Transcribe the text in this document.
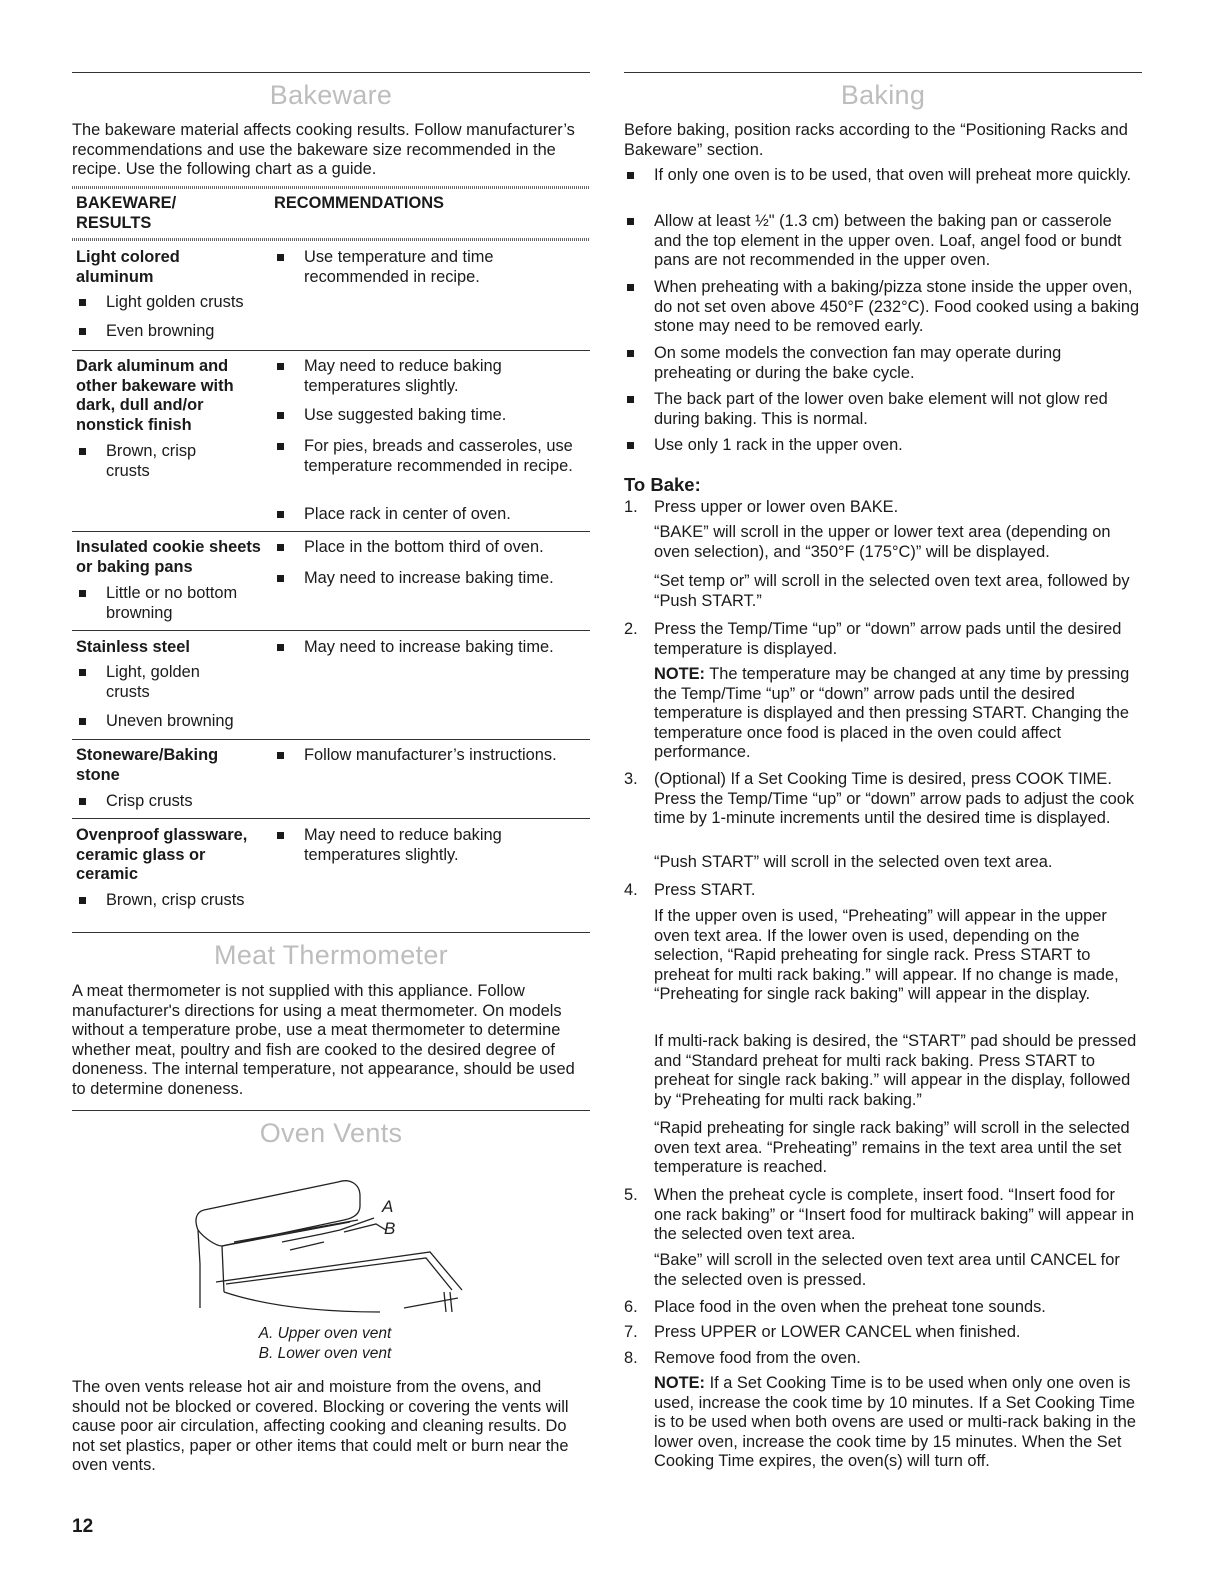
Bakeware
The bakeware material affects cooking results. Follow manufacturer’s recommendations and use the bakeware size recommended in the recipe. Use the following chart as a guide.
BAKEWARE/ RESULTS
RECOMMENDATIONS
Light colored aluminum
Light golden crusts
Even browning
Use temperature and time recommended in recipe.
Dark aluminum and other bakeware with dark, dull and/or nonstick finish
Brown, crisp crusts
May need to reduce baking temperatures slightly.
Use suggested baking time.
For pies, breads and casseroles, use temperature recommended in recipe.
Place rack in center of oven.
Insulated cookie sheets or baking pans
Little or no bottom browning
Place in the bottom third of oven.
May need to increase baking time.
Stainless steel
Light, golden crusts
Uneven browning
May need to increase baking time.
Stoneware/Baking stone
Crisp crusts
Follow manufacturer’s instructions.
Ovenproof glassware, ceramic glass or ceramic
Brown, crisp crusts
May need to reduce baking temperatures slightly.
Meat Thermometer
A meat thermometer is not supplied with this appliance. Follow manufacturer's directions for using a meat thermometer. On models without a temperature probe, use a meat thermometer to determine whether meat, poultry and fish are cooked to the desired degree of doneness. The internal temperature, not appearance, should be used to determine doneness.
Oven Vents
A
B
A. Upper oven vent
B. Lower oven vent
The oven vents release hot air and moisture from the ovens, and should not be blocked or covered. Blocking or covering the vents will cause poor air circulation, affecting cooking and cleaning results. Do not set plastics, paper or other items that could melt or burn near the oven vents.
12
Baking
Before baking, position racks according to the “Positioning Racks and Bakeware” section.
If only one oven is to be used, that oven will preheat more quickly.
Allow at least ½" (1.3 cm) between the baking pan or casserole and the top element in the upper oven. Loaf, angel food or bundt pans are not recommended in the upper oven.
When preheating with a baking/pizza stone inside the upper oven, do not set oven above 450°F (232°C). Food cooked using a baking stone may need to be removed early.
On some models the convection fan may operate during preheating or during the bake cycle.
The back part of the lower oven bake element will not glow red during baking. This is normal.
Use only 1 rack in the upper oven.
To Bake:
1. Press upper or lower oven BAKE.
“BAKE” will scroll in the upper or lower text area (depending on oven selection), and “350°F (175°C)” will be displayed.
“Set temp or” will scroll in the selected oven text area, followed by “Push START.”
2. Press the Temp/Time “up” or “down” arrow pads until the desired temperature is displayed.
NOTE: The temperature may be changed at any time by pressing the Temp/Time “up” or “down” arrow pads until the desired temperature is displayed and then pressing START. Changing the temperature once food is placed in the oven could affect performance.
3. (Optional) If a Set Cooking Time is desired, press COOK TIME. Press the Temp/Time “up” or “down” arrow pads to adjust the cook time by 1-minute increments until the desired time is displayed.
“Push START” will scroll in the selected oven text area.
4. Press START.
If the upper oven is used, “Preheating” will appear in the upper oven text area. If the lower oven is used, depending on the selection, “Rapid preheating for single rack. Press START to preheat for multi rack baking.” will appear. If no change is made, “Preheating for single rack baking” will appear in the display.
If multi-rack baking is desired, the “START” pad should be pressed and “Standard preheat for multi rack baking. Press START to preheat for single rack baking.” will appear in the display, followed by “Preheating for multi rack baking.”
“Rapid preheating for single rack baking” will scroll in the selected oven text area. “Preheating” remains in the text area until the set temperature is reached.
5. When the preheat cycle is complete, insert food. “Insert food for one rack baking” or “Insert food for multirack baking” will appear in the selected oven text area.
“Bake” will scroll in the selected oven text area until CANCEL for the selected oven is pressed.
6. Place food in the oven when the preheat tone sounds.
7. Press UPPER or LOWER CANCEL when finished.
8. Remove food from the oven.
NOTE: If a Set Cooking Time is to be used when only one oven is used, increase the cook time by 10 minutes. If a Set Cooking Time is to be used when both ovens are used or multi-rack baking in the lower oven, increase the cook time by 15 minutes. When the Set Cooking Time expires, the oven(s) will turn off.
